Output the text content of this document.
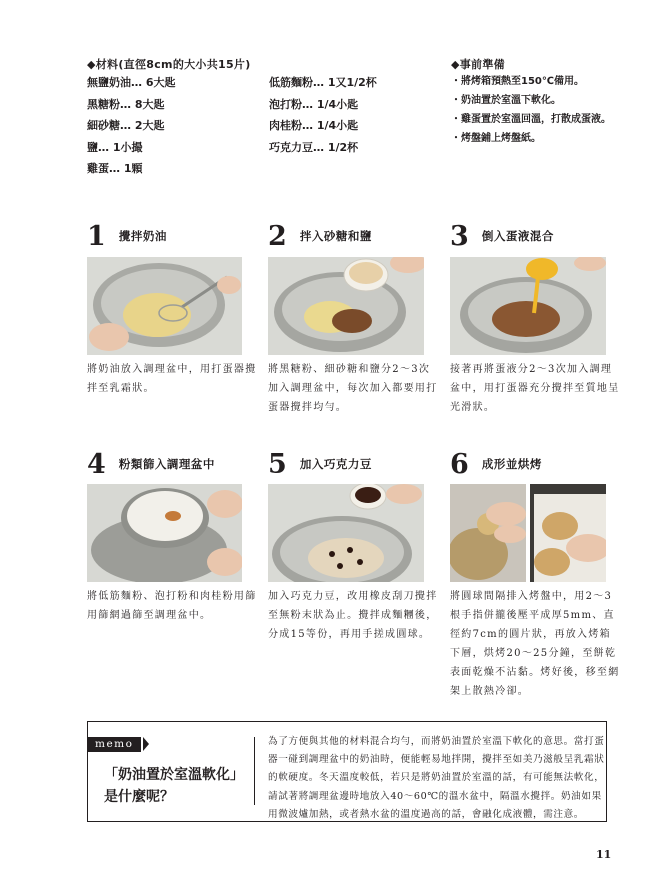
◆材料(直徑8cm的大小共15片)
無鹽奶油… 6大匙
黑糖粉… 8大匙
細砂糖… 2大匙
鹽… 1小撮
雞蛋… 1顆
低筋麵粉… 1又1/2杯
泡打粉… 1/4小匙
肉桂粉… 1/4小匙
巧克力豆… 1/2杯
◆事前準備
・將烤箱預熱至150℃備用。
・奶油置於室溫下軟化。
・雞蛋置於室溫回溫，打散成蛋液。
・烤盤鋪上烤盤紙。
1 $^{攪拌奶油}$
將奶油放入調理盆中，用打蛋器攪
拌至乳霜狀。
2 $^{拌入砂糖和鹽}$
將黑糖粉、細砂糖和鹽分2～3次
加入調理盆中，每次加入都要用打
蛋器攪拌均勻。
3 $^{倒入蛋液混合}$
接著再將蛋液分2～3次加入調理
盆中，用打蛋器充分攪拌至質地呈
光滑狀。
4 $^{粉類篩入調理盆中}$
將低筋麵粉、泡打粉和肉桂粉用篩
用篩網過篩至調理盆中。
5 $^{加入巧克力豆}$
加入巧克力豆，改用橡皮刮刀攪拌
至無粉末狀為止。攪拌成麵糰後，
分成15等份，再用手搓成圓球。
6 $^{成形並烘烤}$
將圓球間隔排入烤盤中，用2～3
根手指併攏後壓平成厚5mm、直
徑約7cm的圓片狀，再放入烤箱
下層，烘烤20～25分鐘，至餅乾
表面乾燥不沾黏。烤好後，移至網
架上散熱冷卻。
memo
「奶油置於室溫軟化」
是什麼呢？
為了方便與其他的材料混合均勻，而將奶油置於室溫下軟化的意思。當打蛋
器一碰到調理盆中的奶油時，便能輕易地拌開，攪拌至如美乃滋般呈乳霜狀
的軟硬度。冬天溫度較低，若只是將奶油置於室溫的話，有可能無法軟化，
請試著將調理盆邊時地放入40～60℃的溫水盆中，隔溫水攪拌。奶油如果
用微波爐加熱，或者熱水盆的溫度過高的話，會融化成液體，需注意。
11
